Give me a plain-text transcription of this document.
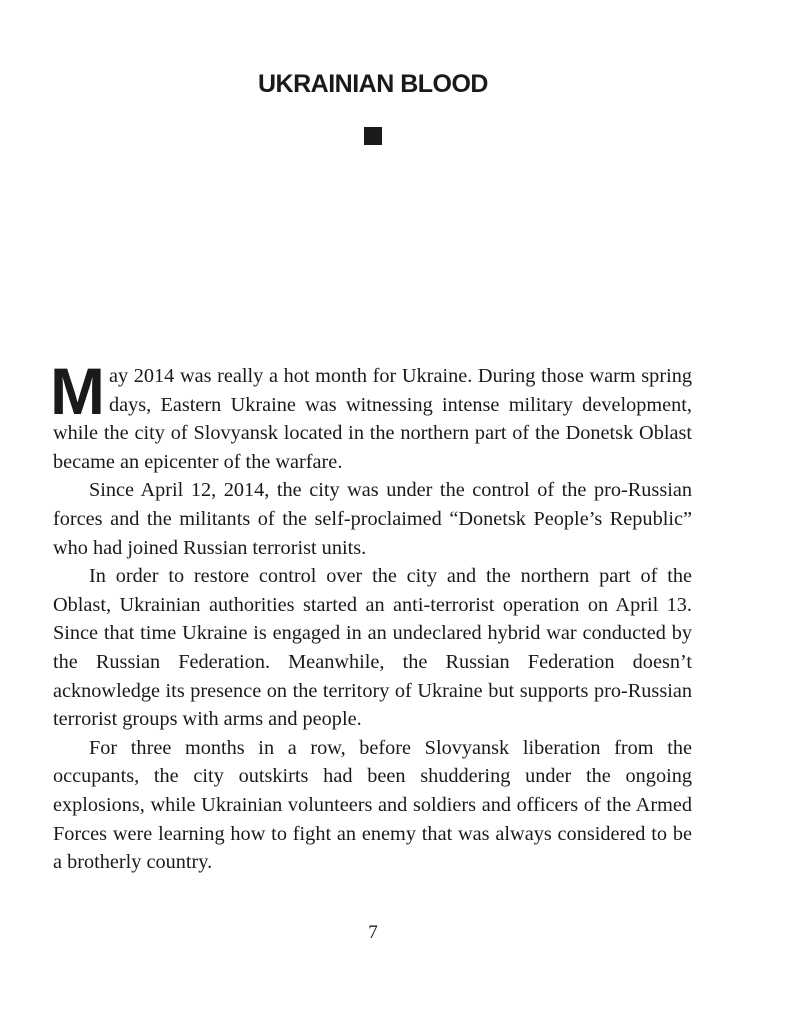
UKRAINIAN BLOOD

May 2014 was really a hot month for Ukraine. During those warm spring days, Eastern Ukraine was witnessing intense military development, while the city of Slovyansk located in the northern part of the Donetsk Oblast became an epicenter of the warfare.

Since April 12, 2014, the city was under the control of the pro-Russian forces and the militants of the self-proclaimed “Donetsk People’s Republic” who had joined Russian terrorist units.

In order to restore control over the city and the northern part of the Oblast, Ukrainian authorities started an anti-terrorist operation on April 13. Since that time Ukraine is engaged in an undeclared hybrid war conducted by the Russian Federation. Meanwhile, the Russian Federation doesn’t acknowledge its presence on the territory of Ukraine but supports pro-Russian terrorist groups with arms and people.

For three months in a row, before Slovyansk liberation from the occupants, the city outskirts had been shuddering under the ongoing explosions, while Ukrainian volunteers and soldiers and officers of the Armed Forces were learning how to fight an enemy that was always considered to be a brotherly country.

7
